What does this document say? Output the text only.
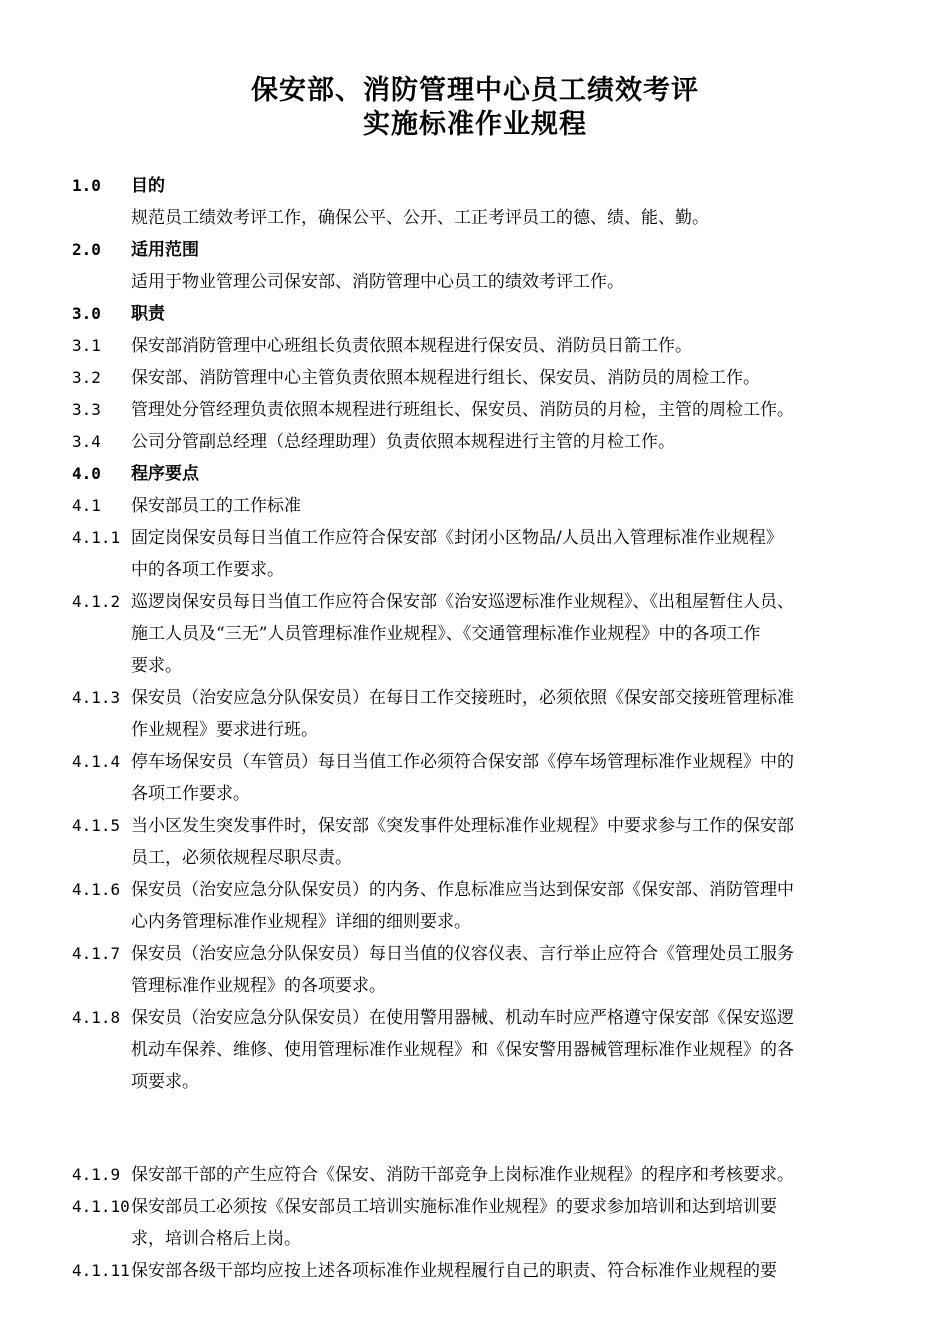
保安部、消防管理中心员工绩效考评
实施标准作业规程
1.0	目的
规范员工绩效考评工作，确保公平、公开、工正考评员工的德、绩、能、勤。
2.0	适用范围
适用于物业管理公司保安部、消防管理中心员工的绩效考评工作。
3.0	职责
3.1	保安部消防管理中心班组长负责依照本规程进行保安员、消防员日箭工作。
3.2	保安部、消防管理中心主管负责依照本规程进行组长、保安员、消防员的周检工作。
3.3	管理处分管经理负责依照本规程进行班组长、保安员、消防员的月检，主管的周检工作。
3.4	公司分管副总经理（总经理助理）负责依照本规程进行主管的月检工作。
4.0	程序要点
4.1	保安部员工的工作标准
4.1.1 固定岗保安员每日当值工作应符合保安部《封闭小区物品/人员出入管理标准作业规程》
中的各项工作要求。
4.1.2 巡逻岗保安员每日当值工作应符合保安部《治安巡逻标准作业规程》、《出租屋暂住人员、
施工人员及“三无”人员管理标准作业规程》、《交通管理标准作业规程》中的各项工作
要求。
4.1.3 保安员（治安应急分队保安员）在每日工作交接班时，必须依照《保安部交接班管理标准
作业规程》要求进行班。
4.1.4 停车场保安员（车管员）每日当值工作必须符合保安部《停车场管理标准作业规程》中的
各项工作要求。
4.1.5 当小区发生突发事件时，保安部《突发事件处理标准作业规程》中要求参与工作的保安部
员工，必须依规程尽职尽责。
4.1.6 保安员（治安应急分队保安员）的内务、作息标准应当达到保安部《保安部、消防管理中
心内务管理标准作业规程》详细的细则要求。
4.1.7 保安员（治安应急分队保安员）每日当值的仪容仪表、言行举止应符合《管理处员工服务
管理标准作业规程》的各项要求。
4.1.8 保安员（治安应急分队保安员）在使用警用器械、机动车时应严格遵守保安部《保安巡逻
机动车保养、维修、使用管理标准作业规程》和《保安警用器械管理标准作业规程》的各
项要求。
4.1.9 保安部干部的产生应符合《保安、消防干部竞争上岗标准作业规程》的程序和考核要求。
4.1.10 保安部员工必须按《保安部员工培训实施标准作业规程》的要求参加培训和达到培训要
求，培训合格后上岗。
4.1.11 保安部各级干部均应按上述各项标准作业规程履行自己的职责、符合标准作业规程的要
